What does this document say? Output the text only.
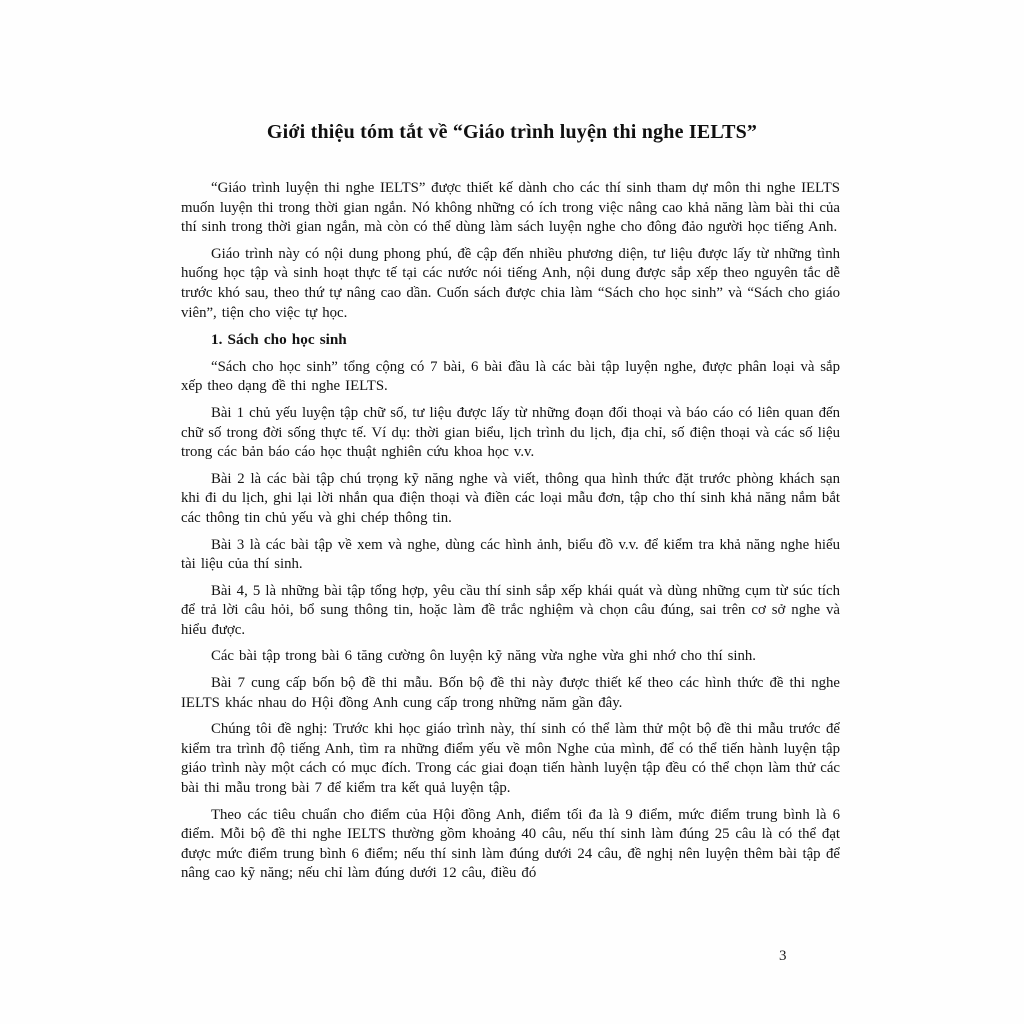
Giới thiệu tóm tắt về “Giáo trình luyện thi nghe IELTS”

“Giáo trình luyện thi nghe IELTS” được thiết kế dành cho các thí sinh tham dự môn thi nghe IELTS muốn luyện thi trong thời gian ngắn. Nó không những có ích trong việc nâng cao khả năng làm bài thi của thí sinh trong thời gian ngắn, mà còn có thể dùng làm sách luyện nghe cho đông đảo người học tiếng Anh.

Giáo trình này có nội dung phong phú, đề cập đến nhiều phương diện, tư liệu được lấy từ những tình huống học tập và sinh hoạt thực tế tại các nước nói tiếng Anh, nội dung được sắp xếp theo nguyên tắc dễ trước khó sau, theo thứ tự nâng cao dần. Cuốn sách được chia làm “Sách cho học sinh” và “Sách cho giáo viên”, tiện cho việc tự học.

1. Sách cho học sinh

“Sách cho học sinh” tổng cộng có 7 bài, 6 bài đầu là các bài tập luyện nghe, được phân loại và sắp xếp theo dạng đề thi nghe IELTS.

Bài 1 chủ yếu luyện tập chữ số, tư liệu được lấy từ những đoạn đối thoại và báo cáo có liên quan đến chữ số trong đời sống thực tế. Ví dụ: thời gian biểu, lịch trình du lịch, địa chỉ, số điện thoại và các số liệu trong các bản báo cáo học thuật nghiên cứu khoa học v.v.

Bài 2 là các bài tập chú trọng kỹ năng nghe và viết, thông qua hình thức đặt trước phòng khách sạn khi đi du lịch, ghi lại lời nhắn qua điện thoại và điền các loại mẫu đơn, tập cho thí sinh khả năng nắm bắt các thông tin chủ yếu và ghi chép thông tin.

Bài 3 là các bài tập về xem và nghe, dùng các hình ảnh, biểu đồ v.v. để kiểm tra khả năng nghe hiểu tài liệu của thí sinh.

Bài 4, 5 là những bài tập tổng hợp, yêu cầu thí sinh sắp xếp khái quát và dùng những cụm từ súc tích để trả lời câu hỏi, bổ sung thông tin, hoặc làm đề trắc nghiệm và chọn câu đúng, sai trên cơ sở nghe và hiểu được.

Các bài tập trong bài 6 tăng cường ôn luyện kỹ năng vừa nghe vừa ghi nhớ cho thí sinh.

Bài 7 cung cấp bốn bộ đề thi mẫu. Bốn bộ đề thi này được thiết kế theo các hình thức đề thi nghe IELTS khác nhau do Hội đồng Anh cung cấp trong những năm gần đây.

Chúng tôi đề nghị: Trước khi học giáo trình này, thí sinh có thể làm thử một bộ đề thi mẫu trước để kiểm tra trình độ tiếng Anh, tìm ra những điểm yếu về môn Nghe của mình, để có thể tiến hành luyện tập giáo trình này một cách có mục đích. Trong các giai đoạn tiến hành luyện tập đều có thể chọn làm thử các bài thi mẫu trong bài 7 để kiểm tra kết quả luyện tập.

Theo các tiêu chuẩn cho điểm của Hội đồng Anh, điểm tối đa là 9 điểm, mức điểm trung bình là 6 điểm. Mỗi bộ đề thi nghe IELTS thường gồm khoảng 40 câu, nếu thí sinh làm đúng 25 câu là có thể đạt được mức điểm trung bình 6 điểm; nếu thí sinh làm đúng dưới 24 câu, đề nghị nên luyện thêm bài tập để nâng cao kỹ năng; nếu chỉ làm đúng dưới 12 câu, điều đó

3
